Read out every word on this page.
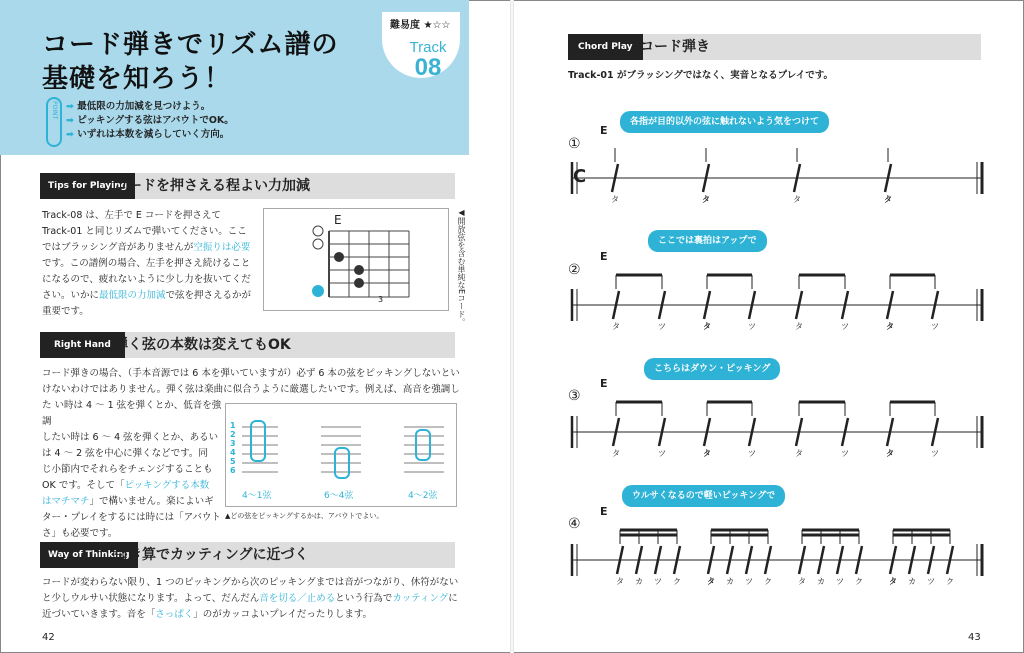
コード弾きでリズム譜の
基礎を知ろう！
難易度 ★☆☆
Track
08
POINT
➡	最低限の力加減を見つけよう。
➡ ピッキングする弦はアバウトでOK。
➡ いずれは本数を減らしていく方向。
Tips for Playing
コードを押さえる程よい力加減
Track-08 は、左手で E コードを押さえて
Track-01 と同じリズムで弾いてください。ここ
ではブラッシング音がありませんが空振りは必要
です。この譜例の場合、左手を押さえ続けること
になるので、疲れないように少し力を抜いてくだ
さい。いかに最低限の力加減で弦を押さえるかが
重要です。
E
3	◀開放弦を含む単純なEコード。
Right Hand 弾く弦の本数は変えてもOK
コード弾きの場合、（手本音源では 6 本を弾いていますが）必ず 6 本の弦をピッキングしないとい
けないわけではありません。弾く弦は楽曲に似合うように厳選したいです。例えば、高音を強調し
た い時は 4 ～ 1 弦を弾くとか、低音を強調
したい時は 6 ～ 4 弦を弾くとか、あるい
は 4 ～ 2 弦を中心に弾くなどです。同
じ小節内でそれらをチェンジすることも
OK です。そして「ピッキングする本数
はマチマチ」で構いません。楽によいギ
ター・プレイをするには時には「アバウト
さ」も必要です。
1
2
3
4
5
6
4～1弦	6～4弦	4～2弦
▲どの弦をピッキングするかは、アバウトでよい。
Way of Thinking
引き算でカッティングに近づく
コードが変わらない限り、1 つのピッキングから次のピッキングまでは音がつながり、休符がない
と少しウルサい状態になります。よって、だんだん音を切る／止めるという行為でカッティングに
近づいていきます。音を「さっぱく」のがカッコよいプレイだったりします。
42
Chord Play コード弾き
Track-01 がブラッシングではなく、実音となるプレイです。
各指が目的以外の弦に触れないよう気をつけて
ここでは裏拍はアップで
こちらはダウン・ピッキング
ウルサくなるので軽いピッキングで
①
②
③
④
E
E
E
E
C
タ	タ	タ	タ
タ	ツ	タ	ツ	タ	ツ	タ	ツ
タ	ツ	タ	ツ	タ	ツ	タ	ツ
タ カ ツ ク	タ カ ツ ク	タ カ ツ ク	タ カ ツ ク
43
